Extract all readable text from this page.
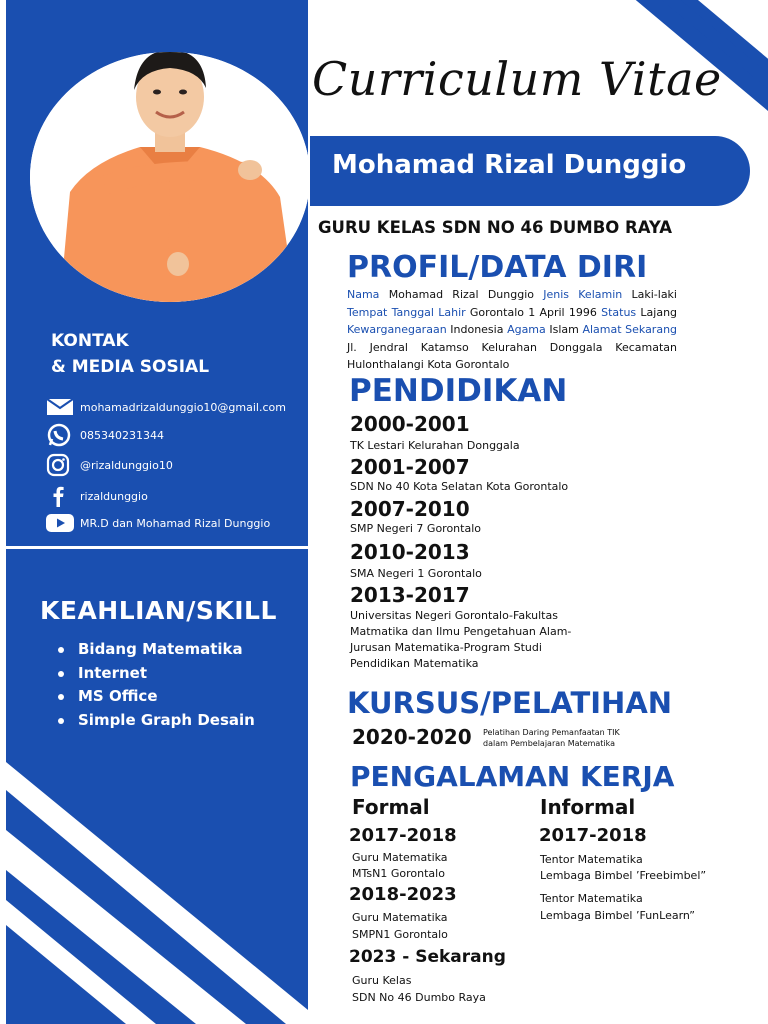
KONTAK
& MEDIA SOSIAL
mohamadrizaldunggio10@gmail.com
085340231344
@rizaldunggio10
rizaldunggio
MR.D dan Mohamad Rizal Dunggio
KEAHLIAN/SKILL
Bidang Matematika
Internet
MS Office
Simple Graph Desain
Curriculum Vitae
Mohamad Rizal Dunggio
GURU KELAS SDN NO 46 DUMBO RAYA
PROFIL/DATA DIRI
Nama Mohamad Rizal Dunggio Jenis Kelamin Laki-laki Tempat Tanggal Lahir Gorontalo 1 April 1996 Status Lajang Kewarganegaraan Indonesia Agama Islam Alamat Sekarang Jl. Jendral Katamso Kelurahan Donggala Kecamatan Hulonthalangi Kota Gorontalo
PENDIDIKAN
2000-2001
TK Lestari Kelurahan Donggala
2001-2007
SDN No 40 Kota Selatan Kota Gorontalo
2007-2010
SMP Negeri 7 Gorontalo
2010-2013
SMA Negeri 1 Gorontalo
2013-2017
Universitas Negeri Gorontalo-Fakultas Matmatika dan Ilmu Pengetahuan Alam-Jurusan Matematika-Program Studi Pendidikan Matematika
KURSUS/PELATIHAN
2020-2020 Pelatihan Daring Pemanfaatan TIK
dalam Pembelajaran Matematika
PENGALAMAN KERJA
Formal	Informal
2017-2018
Guru Matematika
MTsN1 Gorontalo
2018-2023
Guru Matematika
SMPN1 Gorontalo
2023 - Sekarang
Guru Kelas
SDN No 46 Dumbo Raya
2017-2018
Tentor Matematika
Lembaga Bimbel ’Freebimbel”
Tentor Matematika
Lembaga Bimbel ’FunLearn”
